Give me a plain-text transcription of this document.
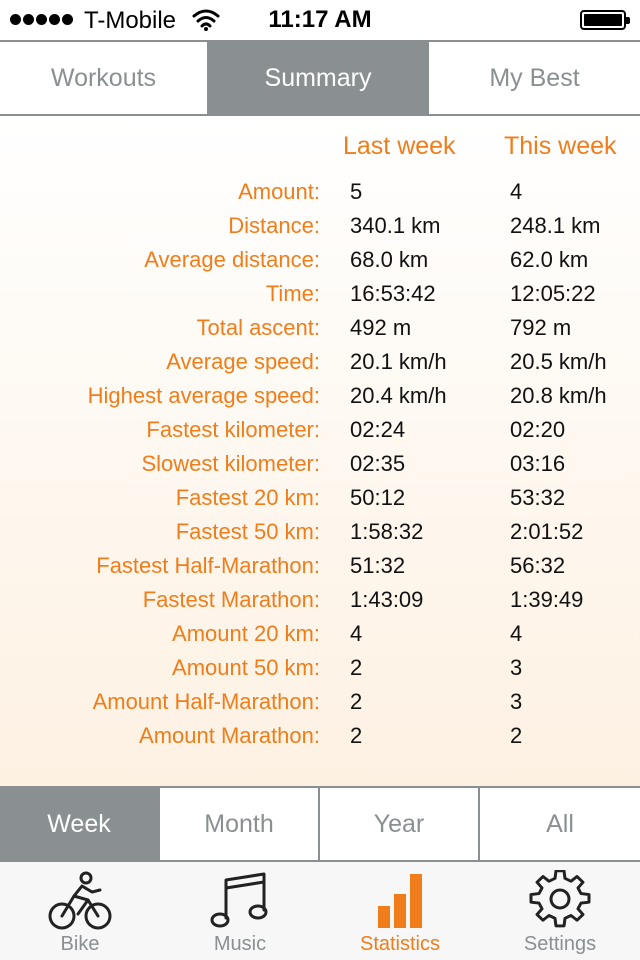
T-Mobile	11:17 AM
Workouts	Summary	My Best
Last week This week
Amount: 5	4
Distance: 340.1 km	248.1 km
Average distance: 68.0 km	62.0 km
Time: 16:53:42	12:05:22
Total ascent: 492 m	792 m
Average speed: 20.1 km/h	20.5 km/h
Highest average speed: 20.4 km/h	20.8 km/h
Fastest kilometer: 02:24	02:20
Slowest kilometer: 02:35	03:16
Fastest 20 km: 50:12	53:32
Fastest 50 km: 1:58:32	2:01:52
Fastest Half-Marathon: 51:32	56:32
Fastest Marathon: 1:43:09	1:39:49
Amount 20 km: 4	4
Amount 50 km: 2	3
Amount Half-Marathon: 2	3
Amount Marathon: 2	2
Week	Month	Year	All
Bike	Music	Statistics	Settings
